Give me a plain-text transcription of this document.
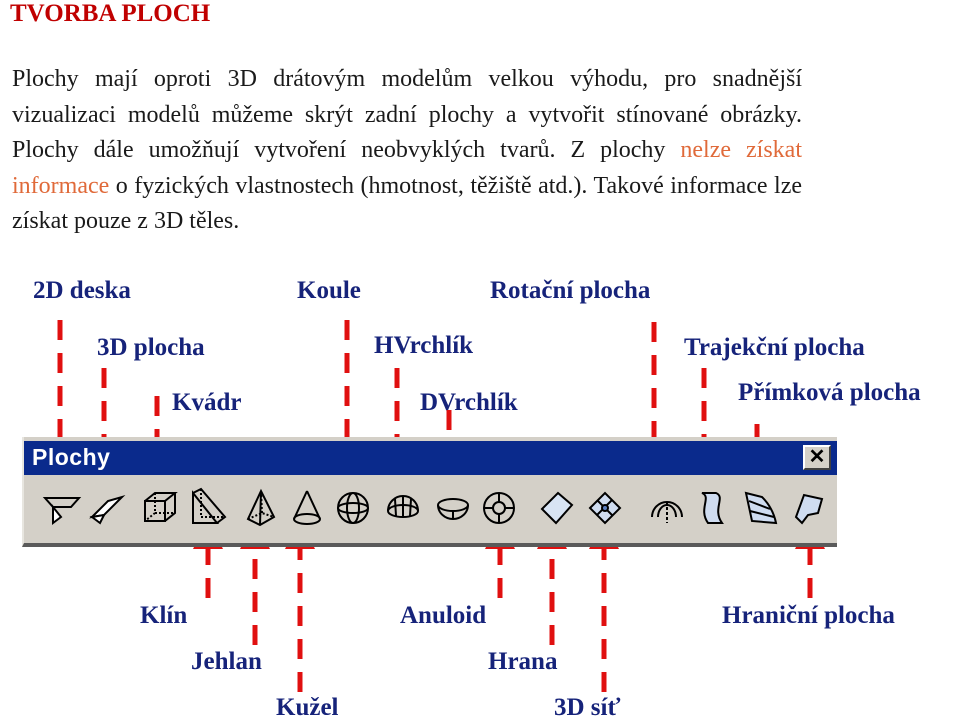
TVORBA PLOCH
Plochy mají oproti 3D drátovým modelům velkou výhodu, pro snadnější vizualizaci modelů můžeme skrýt zadní plochy a vytvořit stínované obrázky. Plochy dále umožňují vytvoření neobvyklých tvarů. Z plochy nelze získat informace o fyzických vlastnostech (hmotnost, těžiště atd.). Takové informace lze získat pouze z 3D těles.
2D deska	Koule	Rotační plocha
3D plocha	HVrchlík	Trajekční plocha
Kvádr	DVrchlík	Přímková plocha
Klín	Anuloid	Hraniční plocha
Jehlan	Hrana
Kužel	3D síť
Plochy	✕
